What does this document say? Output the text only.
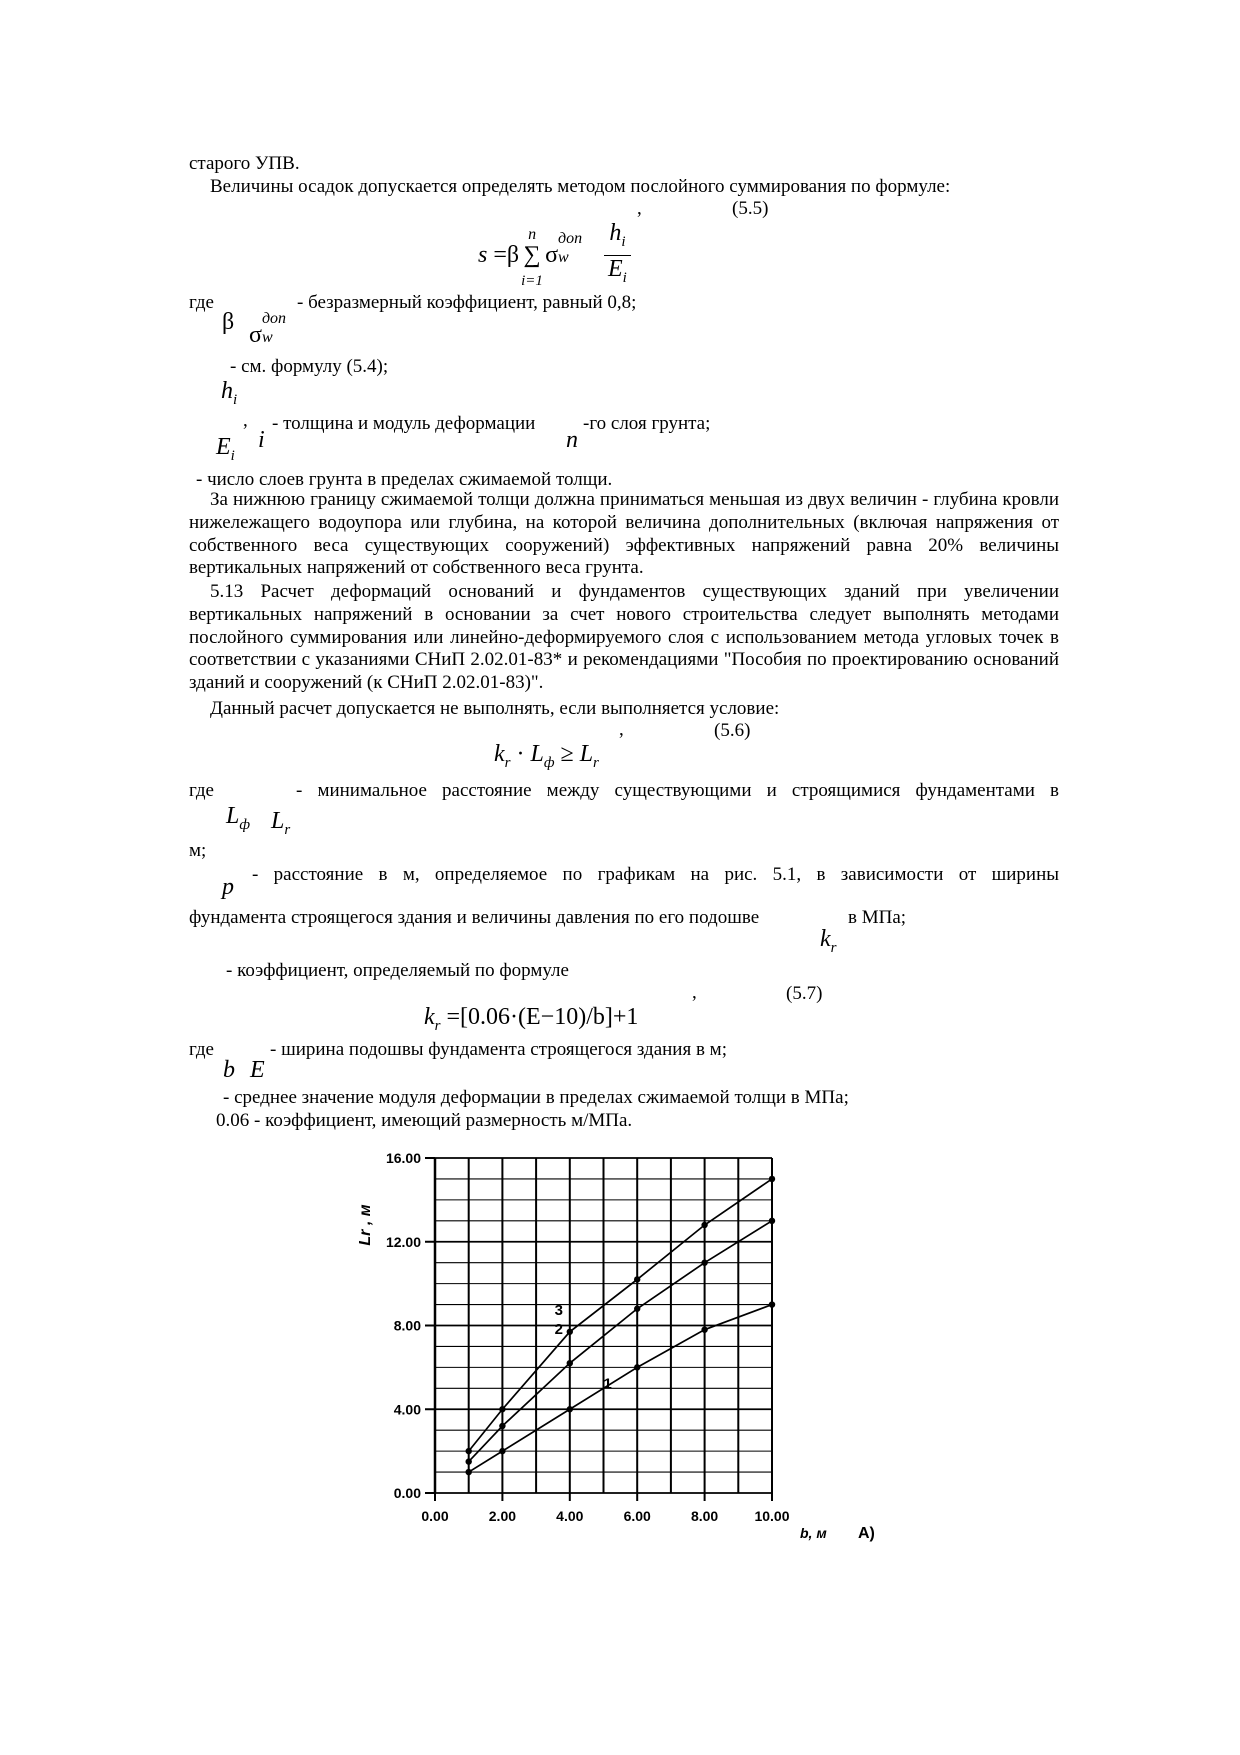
старого УПВ.
Величины осадок допускается определять методом послойного суммирования по формуле:
,	(5.5)
s =β
n
∑
i=1
σ
доп
w $\frac{h_i}{E_i}$
где	- безразмерный коэффициент, равный 0,8;
β σ
доп
w
- см. формулу (5.4);
$h_i$
, - толщина и модуль деформации
i	n
-го слоя грунта;
$E_i$
- число слоев грунта в пределах сжимаемой толщи.
За нижнюю границу сжимаемой толщи должна приниматься меньшая из двух величин - глубина кровли нижележащего водоупора или глубина, на которой величина дополнительных (включая напряжения от собственного веса существующих сооружений) эффективных напряжений равна 20% величины вертикальных напряжений от собственного веса грунта.
5.13 Расчет деформаций оснований и фундаментов существующих зданий при увеличении вертикальных напряжений в основании за счет нового строительства следует выполнять методами послойного суммирования или линейно-деформируемого слоя с использованием метода угловых точек в соответствии с указаниями СНиП 2.02.01-83* и рекомендациями "Пособия по проектированию оснований зданий и сооружений (к СНиП 2.02.01-83)".
Данный расчет допускается не выполнять, если выполняется условие:
,	(5.6)
$k_r \cdot L_ф \ge L_r$
где	- минимальное расстояние между существующими и строящимися фундаментами в
$L_ф$ $L_r$
м;
- расстояние в м, определяемое по графикам на рис. 5.1, в зависимости от ширины
p
фундамента строящегося здания и величины давления по его подошве	в МПа;
$k_r$
- коэффициент, определяемый по формуле
,	(5.7)
$k_r =[0.06\cdot(E-10)/b]+1$
где	- ширина подошвы фундамента строящегося здания в м;
b E
- среднее значение модуля деформации в пределах сжимаемой толщи в МПа;
0.06 - коэффициент, имеющий размерность м/МПа.
1
2
3
0.00
4.00
8.00
12.00
16.00
0.00	2.00	4.00	6.00	8.00	10.00
b, м
Lr , м
А)
